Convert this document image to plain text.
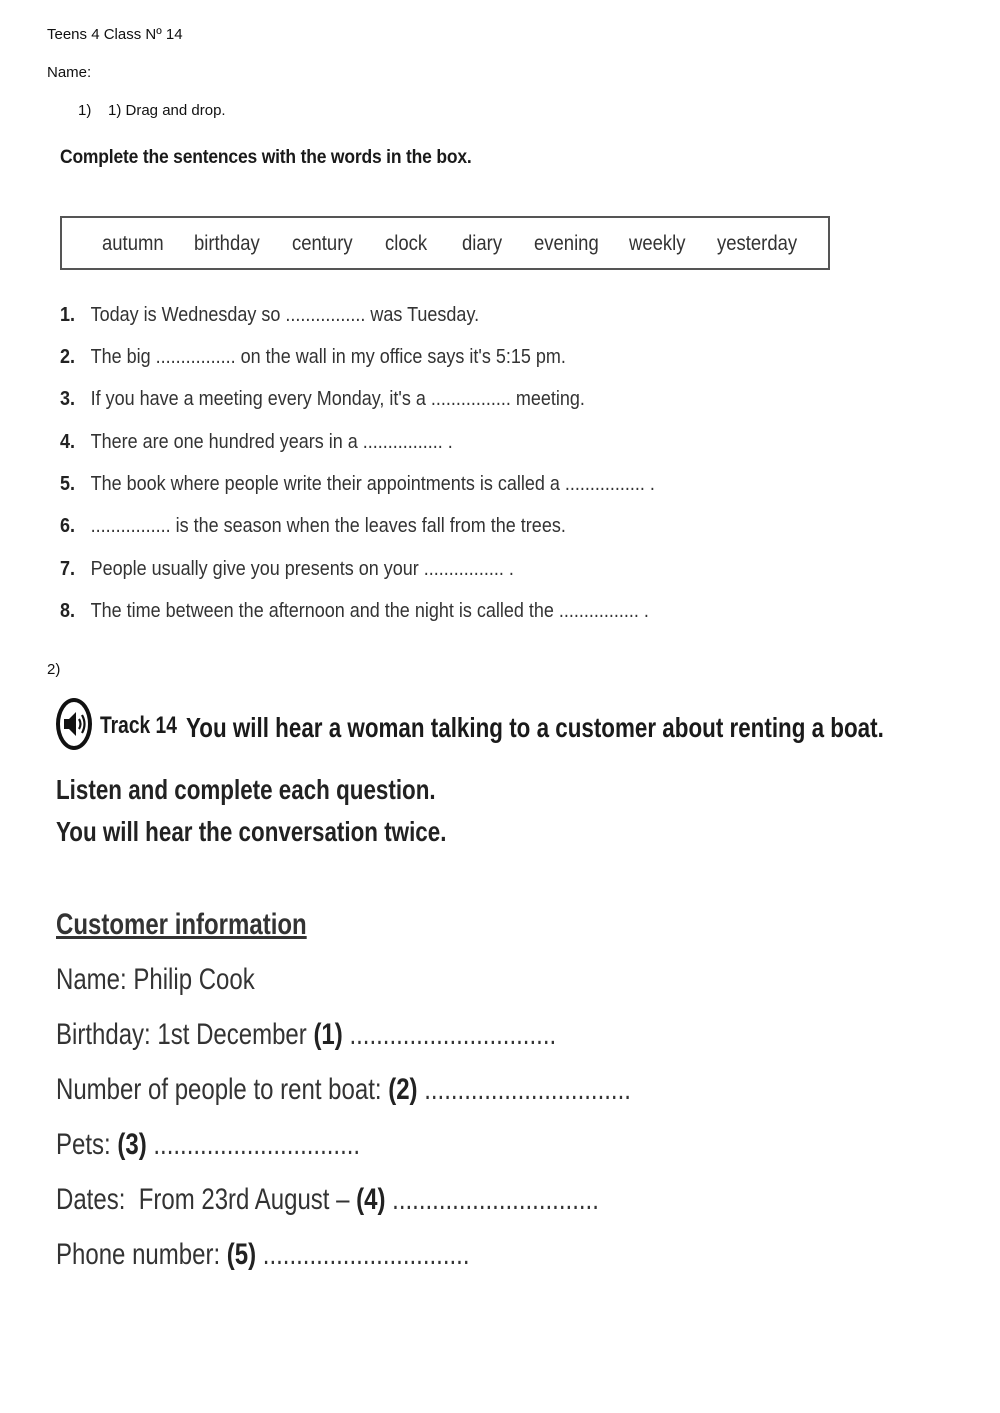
Teens 4 Class Nº 14
Name:
1)    1) Drag and drop.
Complete the sentences with the words in the box.
autumn birthday century clock diary evening weekly yesterday
1. Today is Wednesday so ................ was Tuesday.
2. The big ................ on the wall in my office says it's 5:15 pm.
3. If you have a meeting every Monday, it's a ................ meeting.
4. There are one hundred years in a ................ .
5. The book where people write their appointments is called a ................ .
6. ................ is the season when the leaves fall from the trees.
7. People usually give you presents on your ................ .
8. The time between the afternoon and the night is called the ................ .
2)
Track 14 You will hear a woman talking to a customer about renting a boat.
Listen and complete each question.
You will hear the conversation twice.
Customer information
Name: Philip Cook
Birthday: 1st December (1) ...............................
Number of people to rent boat: (2) ...............................
Pets: (3) ...............................
Dates:  From 23rd August – (4) ...............................
Phone number: (5) ...............................
